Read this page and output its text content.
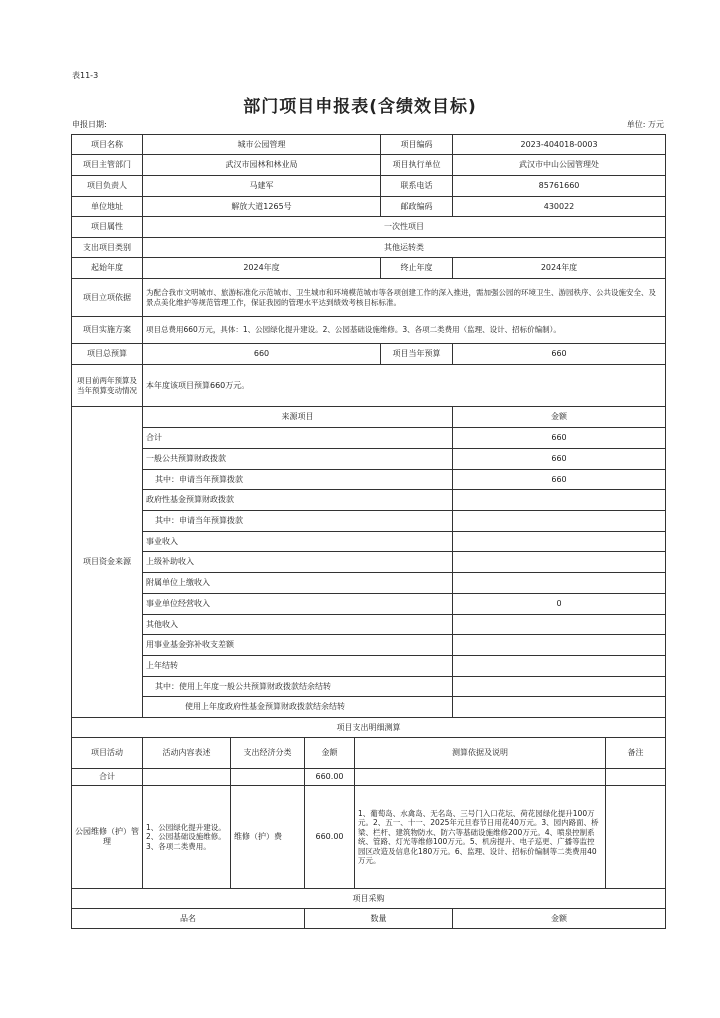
表11-3
部门项目申报表(含绩效目标)
申报日期:	单位: 万元
项目名称	城市公园管理				项目编码	2023-404018-0003	
项目主管部门	武汉市园林和林业局				项目执行单位	武汉市中山公园管理处	
项目负责人	马建军				联系电话	85761660	
单位地址	解放大道1265号				邮政编码	430022	
项目属性	一次性项目						
支出项目类别	其他运转类						
起始年度	2024年度				终止年度	2024年度	
项目立项依据	为配合我市文明城市、旅游标准化示范城市、卫生城市和环境模范城市等各项创建工作的深入推进，需加强公园的环境卫生、游园秩序、公共设施安全、及景点美化维护等规范管理工作，保证我园的管理水平达到绩效考核目标标准。						
项目实施方案	项目总费用660万元，具体：1、公园绿化提升建设。2、公园基础设施维修。3、各项二类费用（监理、设计、招标价编制）。						
项目总预算	660				项目当年预算	660	
项目前两年预算及当年预算变动情况	本年度该项目预算660万元。						
项目资金来源	来源项目					金额	
	合计					660	
	一般公共预算财政拨款					660	
	其中：申请当年预算拨款					660	
	政府性基金预算财政拨款						
	其中：申请当年预算拨款						
	事业收入						
	上级补助收入						
	附属单位上缴收入						
	事业单位经营收入					0	
	其他收入						
	用事业基金弥补收支差额						
	上年结转						
	其中：使用上年度一般公共预算财政拨款结余结转						
	使用上年度政府性基金预算财政拨款结余结转						
项目支出明细测算							
项目活动	活动内容表述	支出经济分类	金额	测算依据及说明			备注
合计			660.00				
公园维修（护）管理	1、公园绿化提升建设。2、公园基础设施维修。3、各项二类费用。	维修（护）费	660.00	1、葡萄岛、水禽岛、无名岛、三号门入口花坛、荷花园绿化提升100万元。2、五一、十一、2025年元旦春节日用花40万元。3、园内路面、桥梁、栏杆、建筑物防水、防六等基础设施维修200万元。4、喷泉控制系统、管路、灯光等维修100万元。5、机房提升、电子巡更、广播等监控园区改造及信息化180万元。6、监理、设计、招标价编制等二类费用40万元。			
项目采购							
品名			数量			金额	
